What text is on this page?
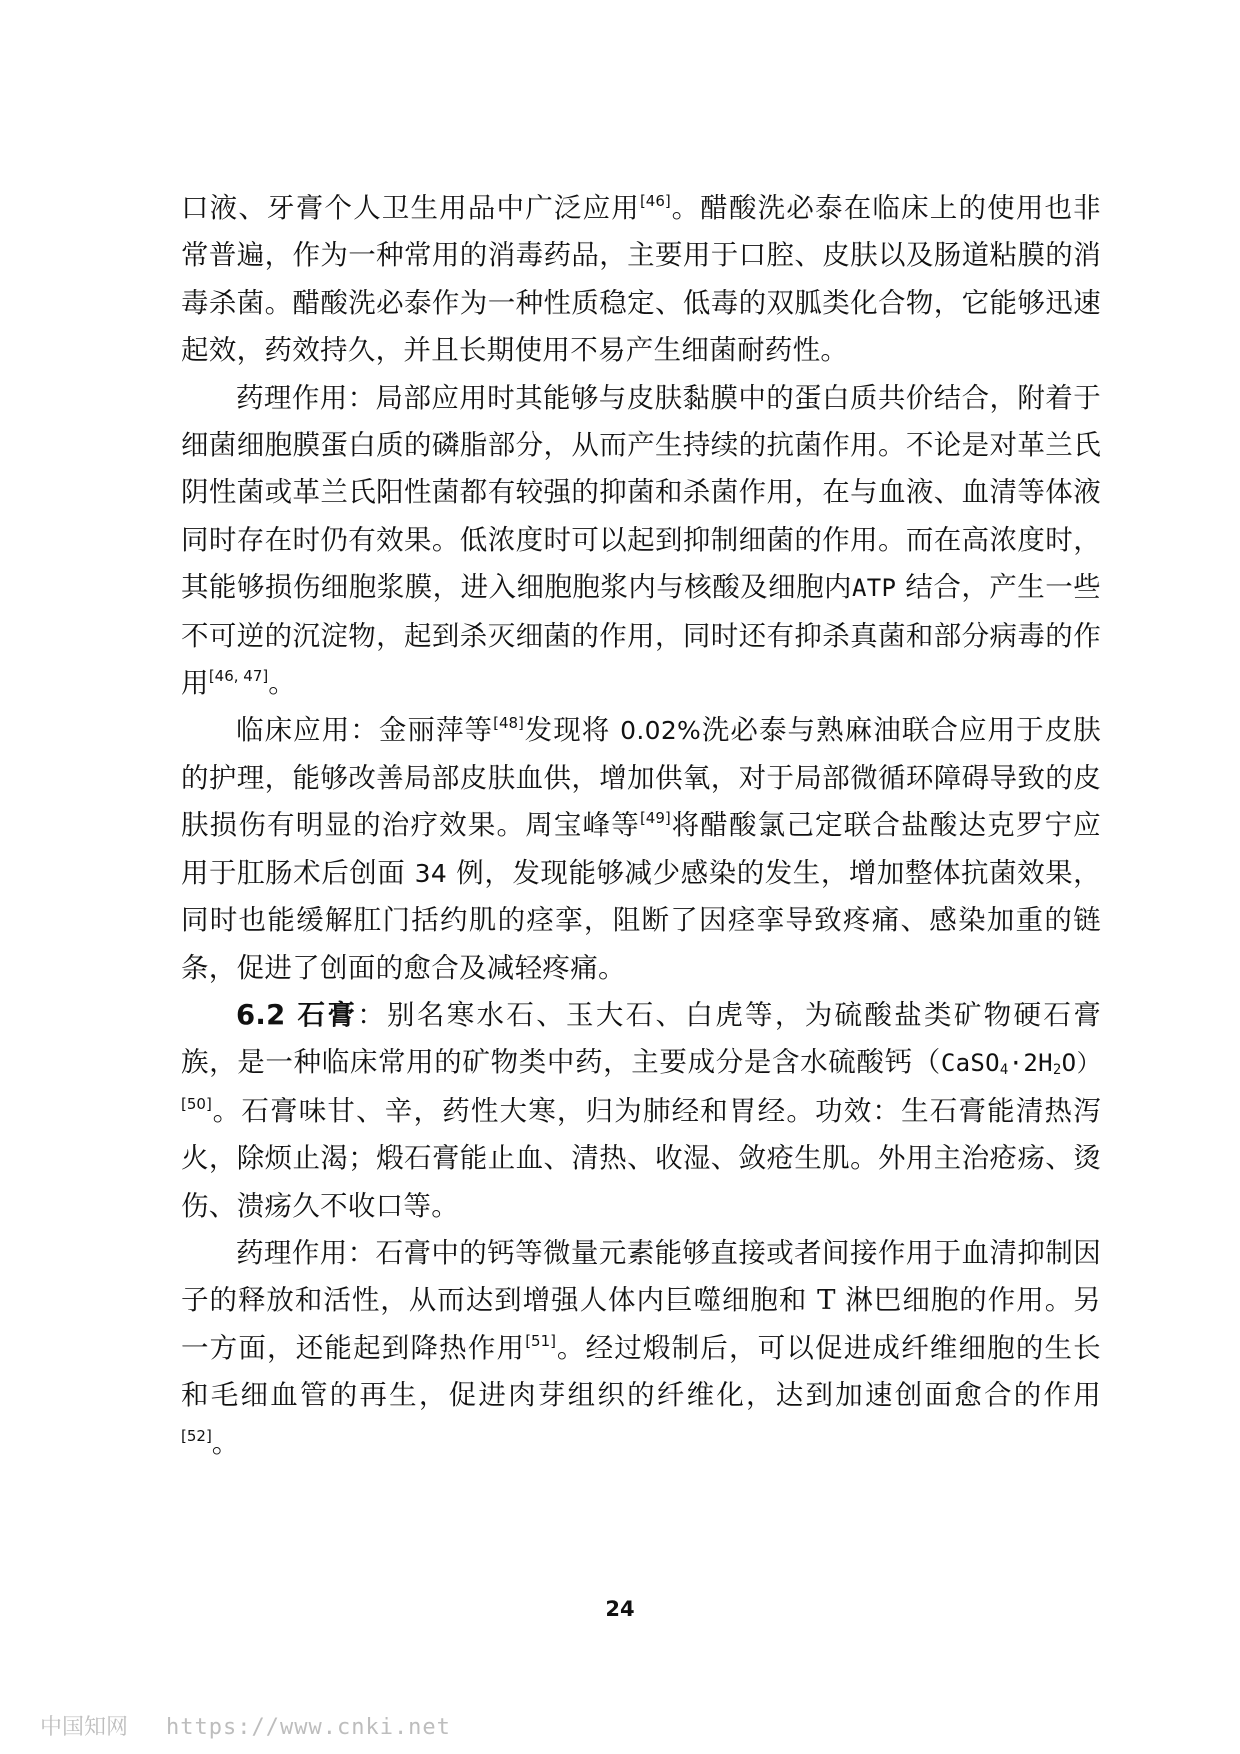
口液、牙膏个人卫生用品中广泛应用[46]。醋酸洗必泰在临床上的使用也非常普遍，作为一种常用的消毒药品，主要用于口腔、皮肤以及肠道粘膜的消毒杀菌。醋酸洗必泰作为一种性质稳定、低毒的双胍类化合物，它能够迅速起效，药效持久，并且长期使用不易产生细菌耐药性。

药理作用：局部应用时其能够与皮肤黏膜中的蛋白质共价结合，附着于细菌细胞膜蛋白质的磷脂部分，从而产生持续的抗菌作用。不论是对革兰氏阴性菌或革兰氏阳性菌都有较强的抑菌和杀菌作用，在与血液、血清等体液同时存在时仍有效果。低浓度时可以起到抑制细菌的作用。而在高浓度时，其能够损伤细胞浆膜，进入细胞胞浆内与核酸及细胞内ATP 结合，产生一些不可逆的沉淀物，起到杀灭细菌的作用，同时还有抑杀真菌和部分病毒的作用[46, 47]。

临床应用：金丽萍等[48]发现将 0.02%洗必泰与熟麻油联合应用于皮肤的护理，能够改善局部皮肤血供，增加供氧，对于局部微循环障碍导致的皮肤损伤有明显的治疗效果。周宝峰等[49]将醋酸氯己定联合盐酸达克罗宁应用于肛肠术后创面 34 例，发现能够减少感染的发生，增加整体抗菌效果，同时也能缓解肛门括约肌的痉挛，阻断了因痉挛导致疼痛、感染加重的链条，促进了创面的愈合及减轻疼痛。

6.2 石膏：别名寒水石、玉大石、白虎等，为硫酸盐类矿物硬石膏族，是一种临床常用的矿物类中药，主要成分是含水硫酸钙$(CaSO_4\cdot 2H_2O)[50]$。石膏味甘、辛，药性大寒，归为肺经和胃经。功效：生石膏能清热泻火，除烦止渴；煅石膏能止血、清热、收湿、敛疮生肌。外用主治疮疡、烫伤、溃疡久不收口等。

药理作用：石膏中的钙等微量元素能够直接或者间接作用于血清抑制因子的释放和活性，从而达到增强人体内巨噬细胞和 T 淋巴细胞的作用。另一方面，还能起到降热作用[51]。经过煅制后，可以促进成纤维细胞的生长和毛细血管的再生，促进肉芽组织的纤维化，达到加速创面愈合的作用[52]。

24
中国知网 https://www.cnki.net
